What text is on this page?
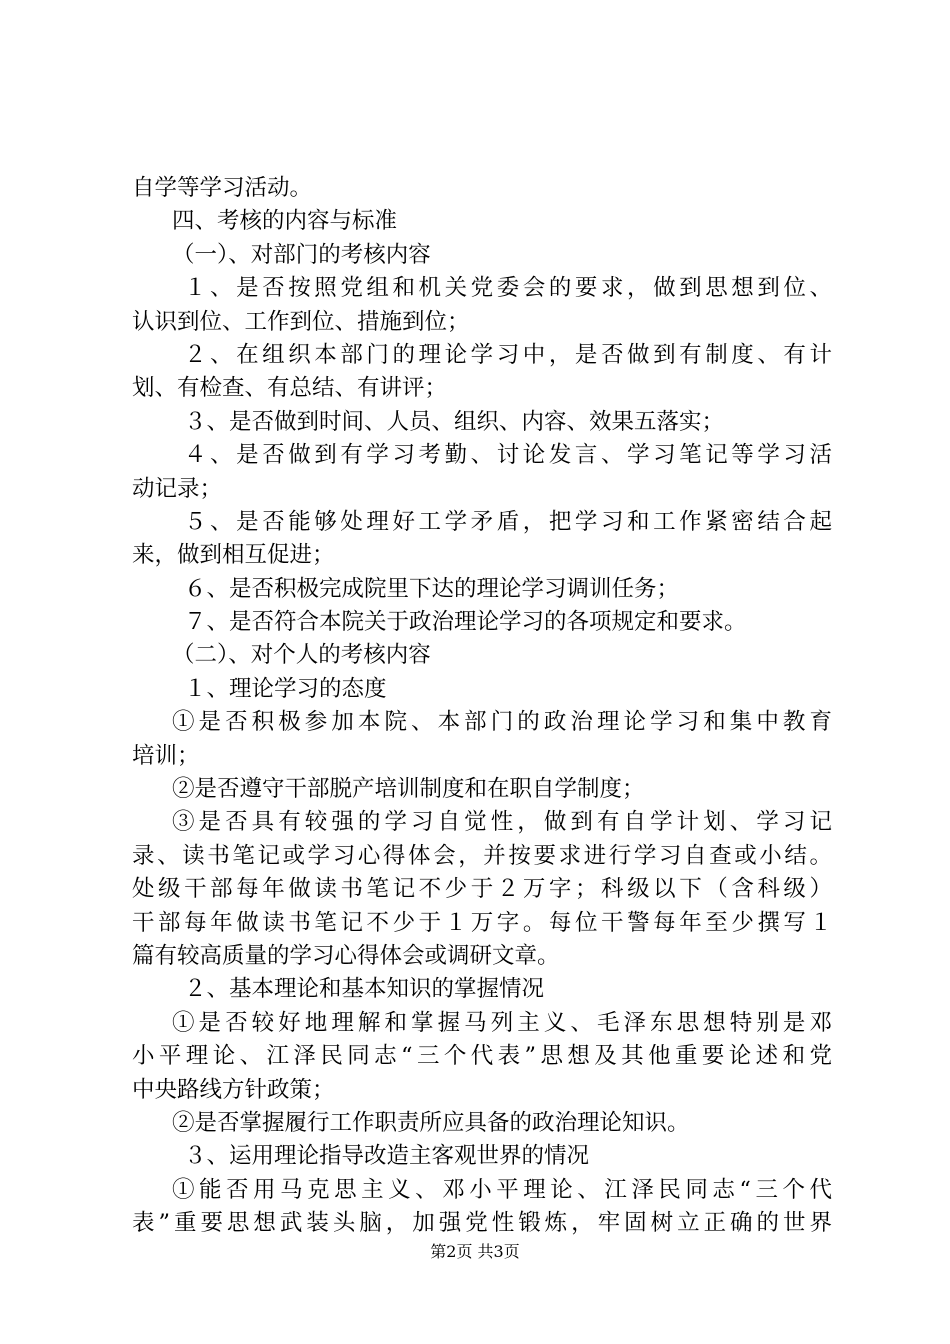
自学等学习活动。
四、考核的内容与标准
（一）、对部门的考核内容
１、是否按照党组和机关党委会的要求，做到思想到位、
认识到位、工作到位、措施到位；
２、在组织本部门的理论学习中，是否做到有制度、有计
划、有检查、有总结、有讲评；
３、是否做到时间、人员、组织、内容、效果五落实；
４、是否做到有学习考勤、讨论发言、学习笔记等学习活
动记录；
５、是否能够处理好工学矛盾，把学习和工作紧密结合起
来，做到相互促进；
６、是否积极完成院里下达的理论学习调训任务；
７、是否符合本院关于政治理论学习的各项规定和要求。
（二）、对个人的考核内容
１、理论学习的态度
①是否积极参加本院、本部门的政治理论学习和集中教育
培训；
②是否遵守干部脱产培训制度和在职自学制度；
③是否具有较强的学习自觉性，做到有自学计划、学习记
录、读书笔记或学习心得体会，并按要求进行学习自查或小结。
处级干部每年做读书笔记不少于２万字；科级以下（含科级）
干部每年做读书笔记不少于１万字。每位干警每年至少撰写１
篇有较高质量的学习心得体会或调研文章。
２、基本理论和基本知识的掌握情况
①是否较好地理解和掌握马列主义、毛泽东思想特别是邓
小平理论、江泽民同志“三个代表”思想及其他重要论述和党
中央路线方针政策；
②是否掌握履行工作职责所应具备的政治理论知识。
３、运用理论指导改造主客观世界的情况
①能否用马克思主义、邓小平理论、江泽民同志“三个代
表”重要思想武装头脑，加强党性锻炼，牢固树立正确的世界
第2页 共3页
